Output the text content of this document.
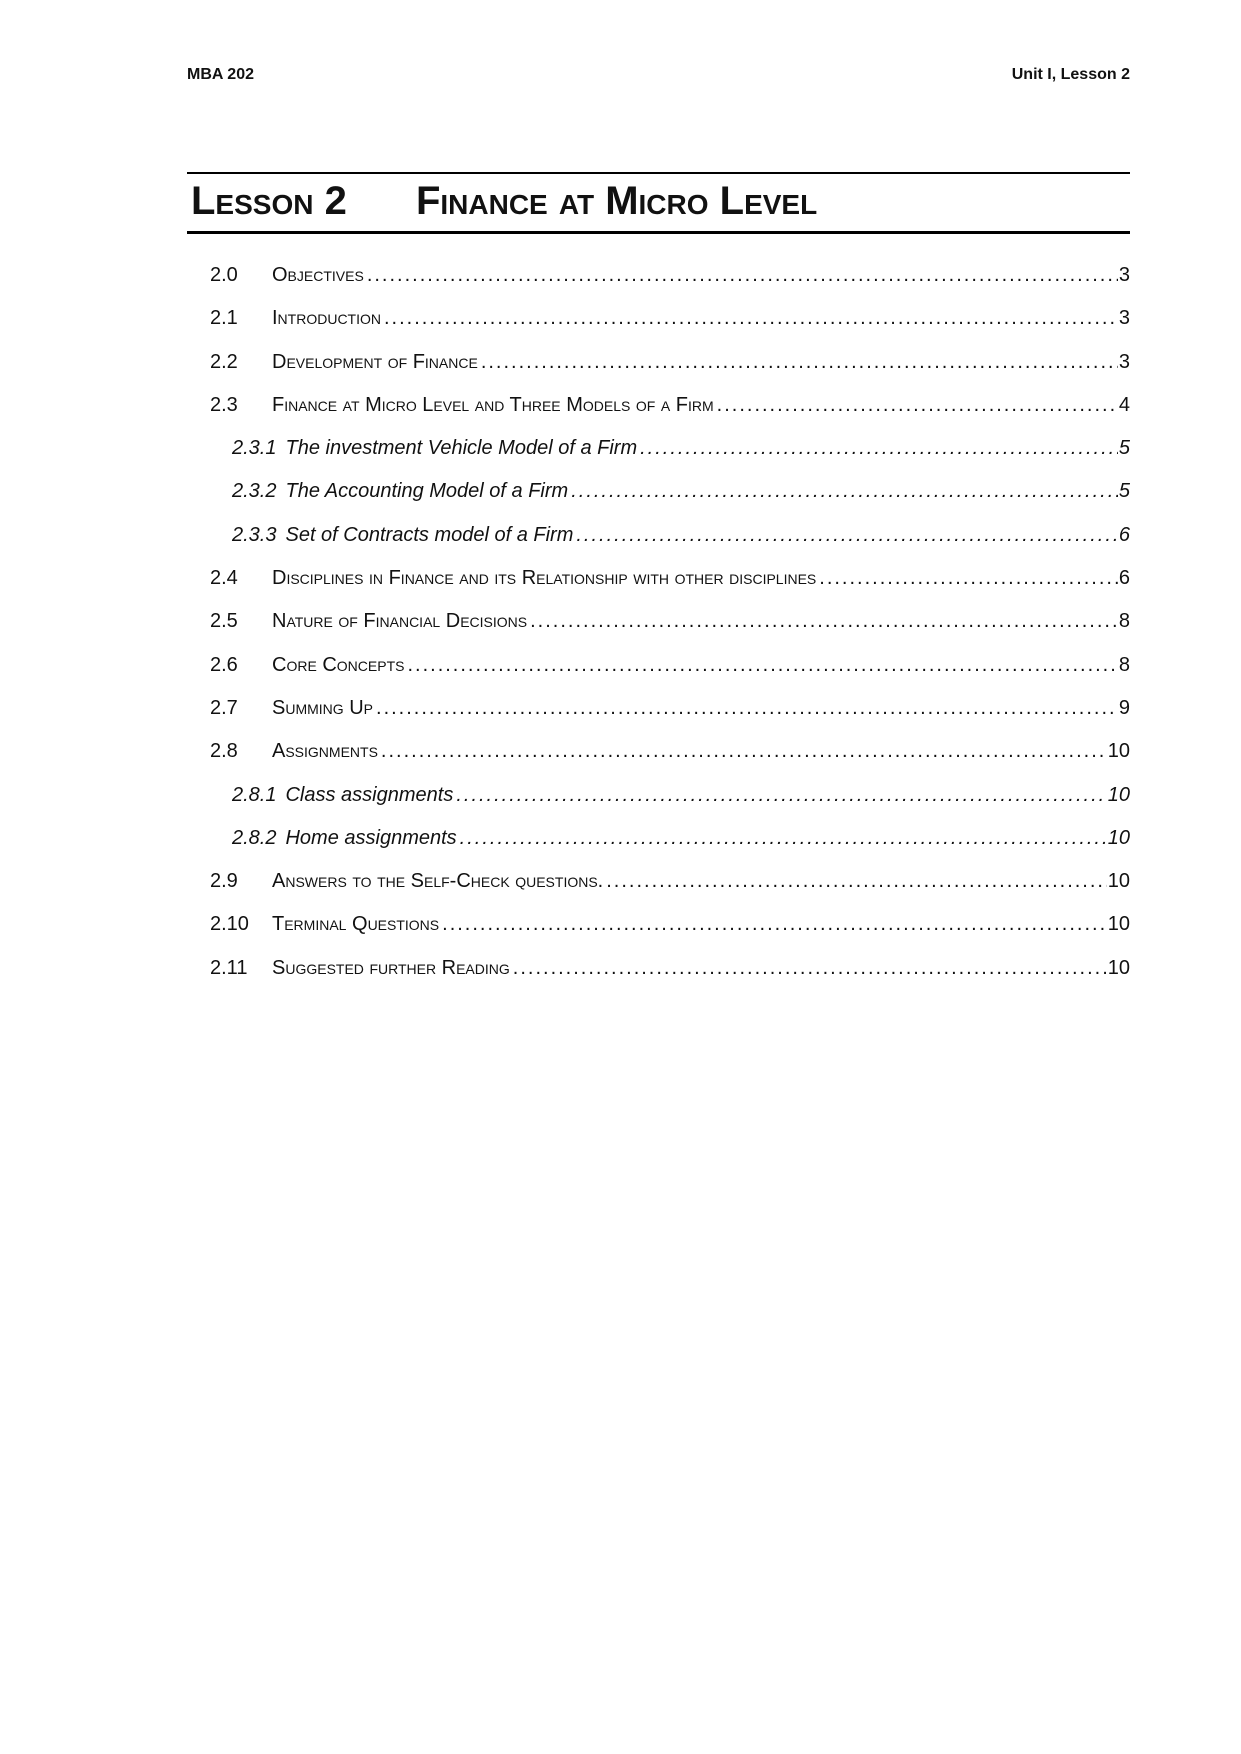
MBA 202	Unit I, Lesson 2
Lesson 2 Finance at Micro Level
2.0	Objectives .....	3
2.1	Introduction .....	3
2.2	Development of Finance .....	3
2.3	Finance at Micro Level and Three Models of a Firm .....	4
2.3.1 The investment Vehicle Model of a Firm .....	5
2.3.2 The Accounting Model of a Firm .....	5
2.3.3 Set of Contracts model of a Firm .....	6
2.4	Disciplines in Finance and its Relationship with other disciplines .....	6
2.5	Nature of Financial Decisions .....	8
2.6	Core Concepts .....	8
2.7	Summing Up .....	9
2.8	Assignments .....	10
2.8.1 Class assignments .....	10
2.8.2 Home assignments .....	10
2.9	Answers to the Self-Check questions. .....	10
2.10	Terminal Questions .....	10
2.11	Suggested further Reading .....	10
